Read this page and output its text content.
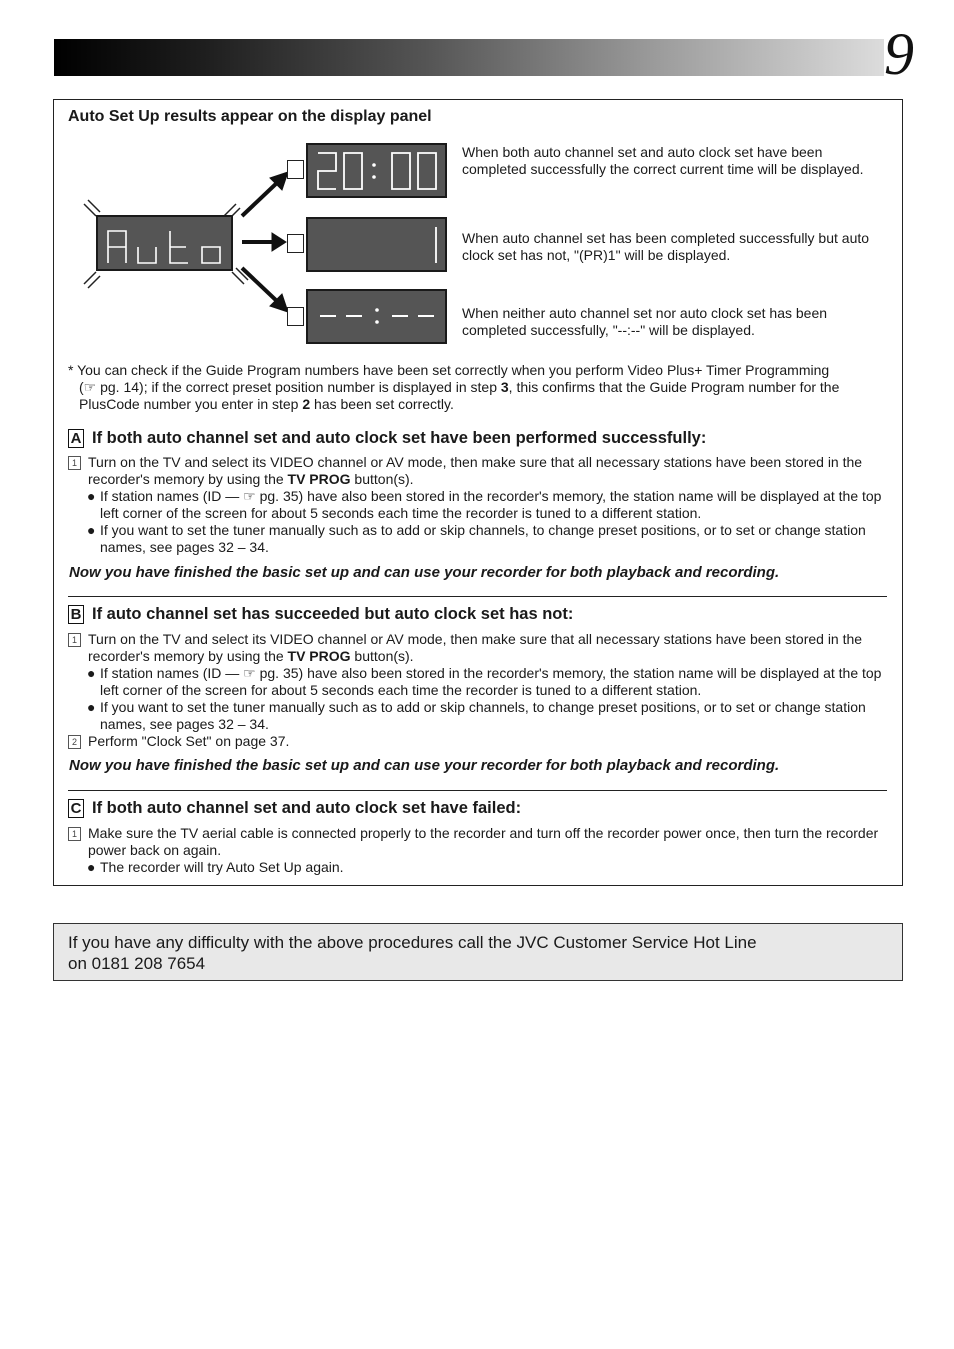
9
Auto Set Up results appear on the display panel
When both auto channel set and auto clock set have been completed successfully the correct current time will be displayed.
When auto channel set has been completed successfully but auto clock set has not, "(PR)1" will be displayed.
When neither auto channel set nor auto clock set has been completed successfully, "--:--" will be displayed.
* You can check if the Guide Program numbers have been set correctly when you perform Video Plus+ Timer Programming
(☞ pg. 14); if the correct preset position number is displayed in step 3, this confirms that the Guide Program number for the
PlusCode number you enter in step 2 has been set correctly.
A If both auto channel set and auto clock set have been performed successfully:
1 Turn on the TV and select its VIDEO channel or AV mode, then make sure that all necessary stations have been stored in the recorder's memory by using the TV PROG button(s).
● If station names (ID — ☞ pg. 35) have also been stored in the recorder's memory, the station name will be displayed at the top left corner of the screen for about 5 seconds each time the recorder is tuned to a different station.
● If you want to set the tuner manually such as to add or skip channels, to change preset positions, or to set or change station names, see pages 32 – 34.
Now you have finished the basic set up and can use your recorder for both playback and recording.
B If auto channel set has succeeded but auto clock set has not:
1 Turn on the TV and select its VIDEO channel or AV mode, then make sure that all necessary stations have been stored in the recorder's memory by using the TV PROG button(s).
● If station names (ID — ☞ pg. 35) have also been stored in the recorder's memory, the station name will be displayed at the top left corner of the screen for about 5 seconds each time the recorder is tuned to a different station.
● If you want to set the tuner manually such as to add or skip channels, to change preset positions, or to set or change station names, see pages 32 – 34.
2 Perform "Clock Set" on page 37.
Now you have finished the basic set up and can use your recorder for both playback and recording.
C If both auto channel set and auto clock set have failed:
1 Make sure the TV aerial cable is connected properly to the recorder and turn off the recorder power once, then turn the recorder power back on again.
● The recorder will try Auto Set Up again.
If you have any difficulty with the above procedures call the JVC Customer Service Hot Line
on 0181 208 7654
